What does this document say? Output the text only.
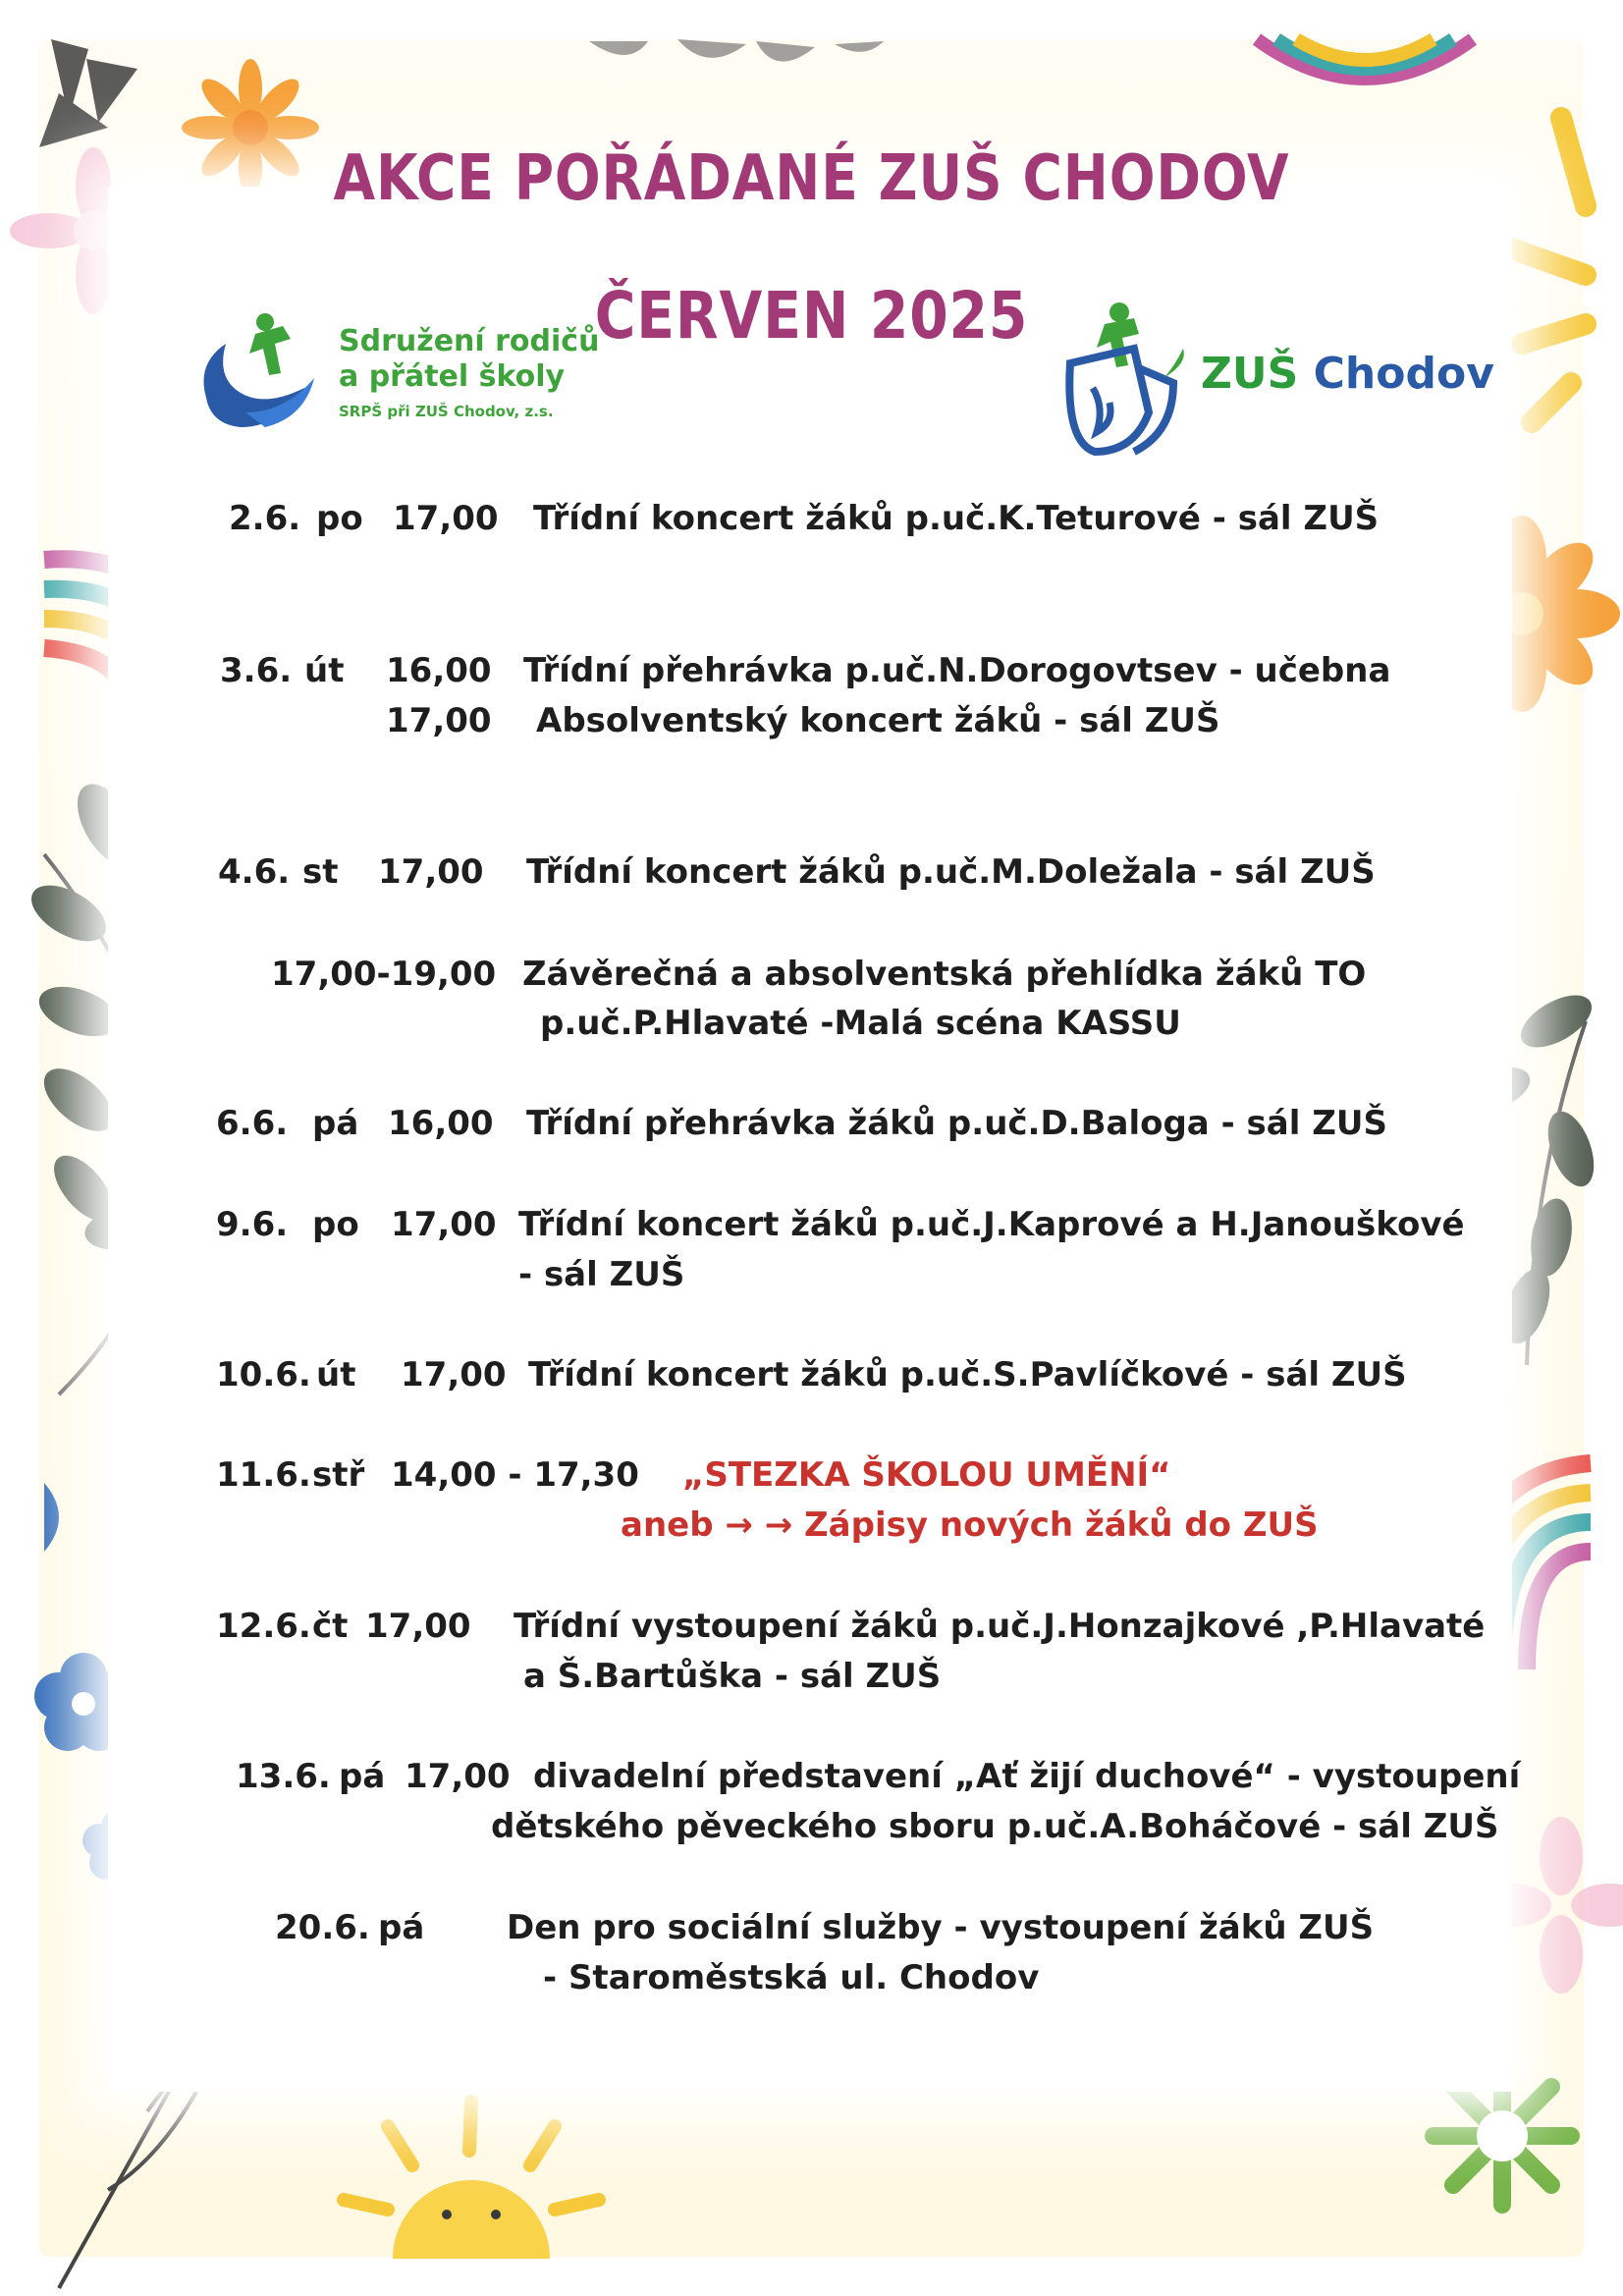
AKCE POŘÁDANÉ ZUŠ CHODOV
ČERVEN 2025
Sdružení rodičů
a přátel školy
SRPŠ při ZUŠ Chodov, z.s.
ZUŠ Chodov
2.6. po 17,00 Třídní koncert žáků p.uč.K.Teturové - sál ZUŠ
3.6. út 16,00 Třídní přehrávka p.uč.N.Dorogovtsev - učebna
17,00 Absolventský koncert žáků - sál ZUŠ
4.6. st 17,00 Třídní koncert žáků p.uč.M.Doležala - sál ZUŠ
17,00-19,00 Závěrečná a absolventská přehlídka žáků TO
p.uč.P.Hlavaté -Malá scéna KASSU
6.6. pá 16,00 Třídní přehrávka žáků p.uč.D.Baloga - sál ZUŠ
9.6. po 17,00 Třídní koncert žáků p.uč.J.Kaprové a H.Janouškové
- sál ZUŠ
10.6. út 17,00 Třídní koncert žáků p.uč.S.Pavlíčkové - sál ZUŠ
11.6. stř 14,00 - 17,30 „STEZKA ŠKOLOU UMĚNÍ“
aneb → → Zápisy nových žáků do ZUŠ
12.6. čt 17,00 Třídní vystoupení žáků p.uč.J.Honzajkové ,P.Hlavaté
a Š.Bartůška - sál ZUŠ
13.6. pá 17,00 divadelní představení „Ať žijí duchové“ - vystoupení
dětského pěveckého sboru p.uč.A.Boháčové - sál ZUŠ
20.6. pá Den pro sociální služby - vystoupení žáků ZUŠ
- Staroměstská ul. Chodov
